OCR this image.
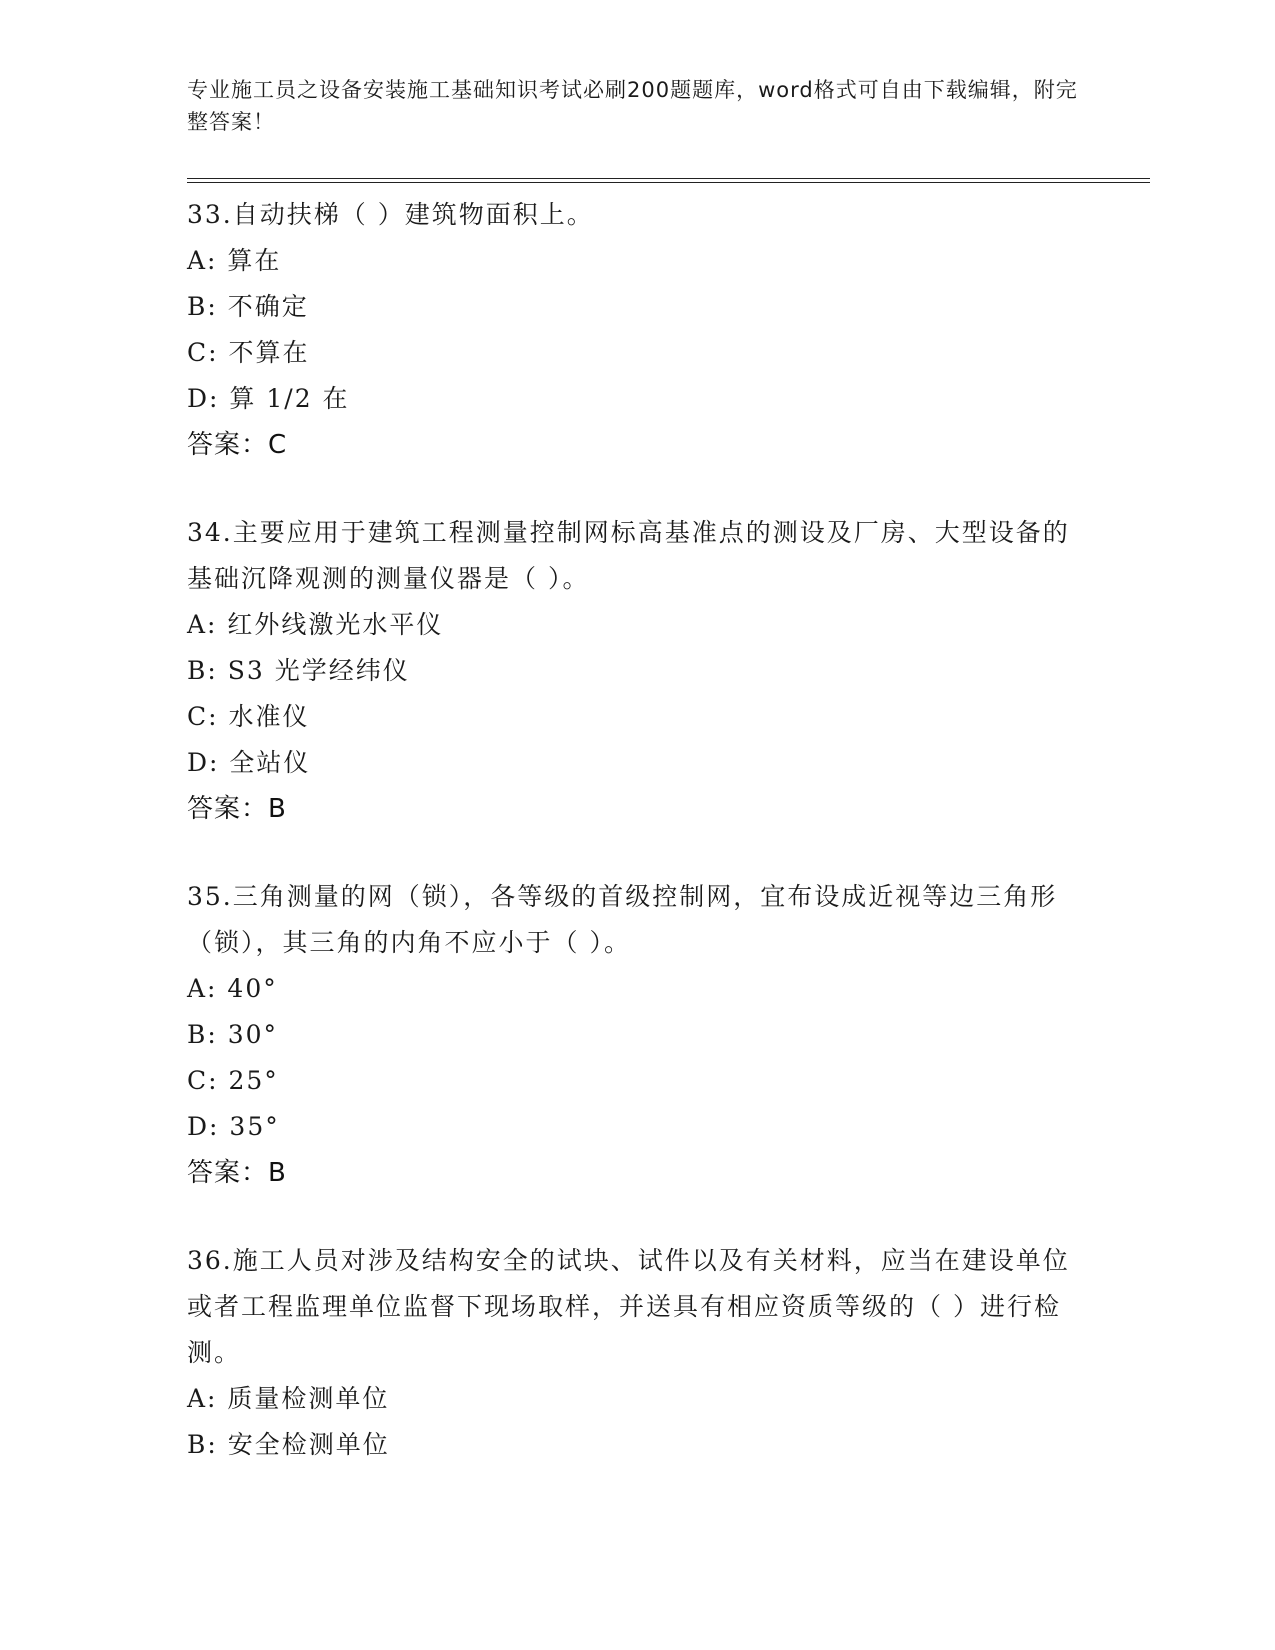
专业施工员之设备安装施工基础知识考试必刷200题题库，word格式可自由下载编辑，附完整答案！
33.自动扶梯（ ）建筑物面积上。
A: 算在
B: 不确定
C: 不算在
D: 算 1/2 在
答案：C
34.主要应用于建筑工程测量控制网标高基准点的测设及厂房、大型设备的基础沉降观测的测量仪器是（ ）。
A: 红外线激光水平仪
B: S3 光学经纬仪
C: 水准仪
D: 全站仪
答案：B
35.三角测量的网（锁），各等级的首级控制网，宜布设成近视等边三角形（锁），其三角的内角不应小于（ ）。
A: 40°
B: 30°
C: 25°
D: 35°
答案：B
36.施工人员对涉及结构安全的试块、试件以及有关材料，应当在建设单位或者工程监理单位监督下现场取样，并送具有相应资质等级的（ ）进行检测。
A: 质量检测单位
B: 安全检测单位
